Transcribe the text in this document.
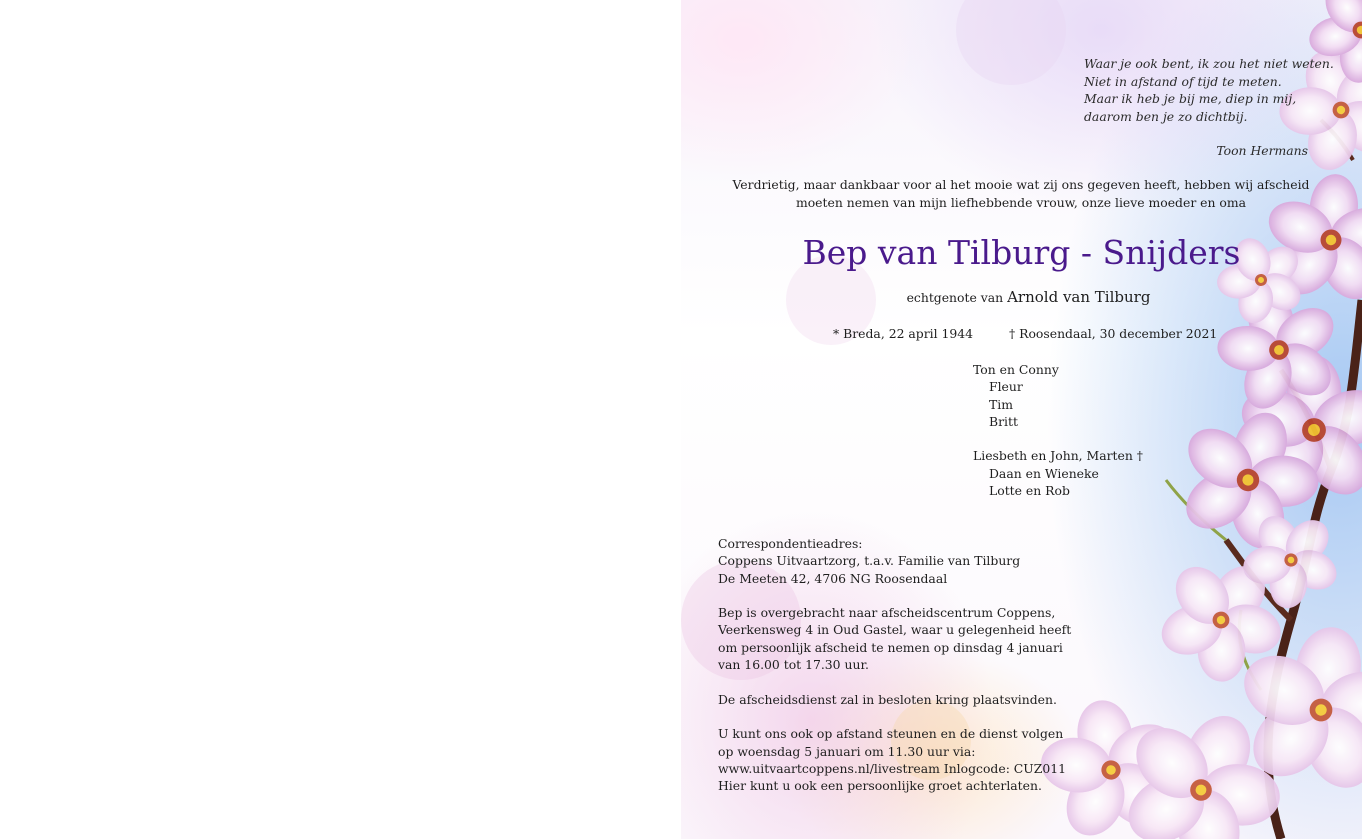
Waar je ook bent, ik zou het niet weten.
Niet in afstand of tijd te meten.
Maar ik heb je bij me, diep in mij,
daarom ben je zo dichtbij.
Toon Hermans
Verdrietig, maar dankbaar voor al het mooie wat zij ons gegeven heeft, hebben wij afscheid moeten nemen van mijn liefhebbende vrouw, onze lieve moeder en oma
Bep van Tilburg - Snijders
echtgenote van Arnold van Tilburg
* Breda, 22 april 1944	† Roosendaal, 30 december 2021
Ton en Conny
Fleur
Tim
Britt
Liesbeth en John, Marten †
Daan en Wieneke
Lotte en Rob
Correspondentieadres:
Coppens Uitvaartzorg, t.a.v. Familie van Tilburg
De Meeten 42, 4706 NG Roosendaal
Bep is overgebracht naar afscheidscentrum Coppens,
Veerkensweg 4 in Oud Gastel, waar u gelegenheid heeft
om persoonlijk afscheid te nemen op dinsdag 4 januari
van 16.00 tot 17.30 uur.
De afscheidsdienst zal in besloten kring plaatsvinden.
U kunt ons ook op afstand steunen en de dienst volgen
op woensdag 5 januari om 11.30 uur via:
www.uitvaartcoppens.nl/livestream Inlogcode: CUZ011
Hier kunt u ook een persoonlijke groet achterlaten.
